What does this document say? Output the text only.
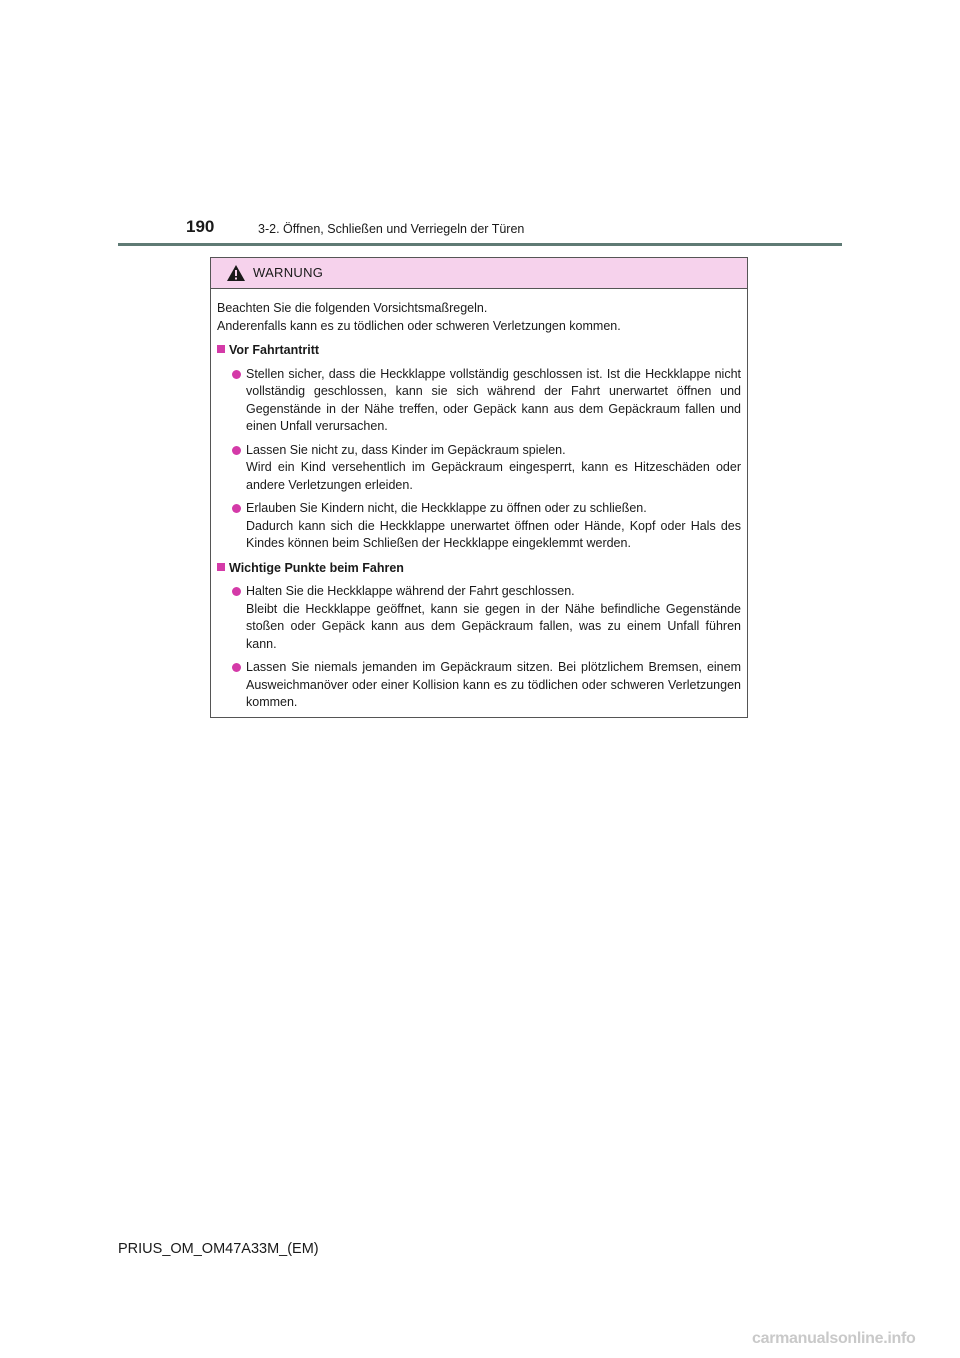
190	3-2. Öffnen, Schließen und Verriegeln der Türen
WARNUNG

Beachten Sie die folgenden Vorsichtsmaßregeln.

Anderenfalls kann es zu tödlichen oder schweren Verletzungen kommen.

Vor Fahrtantritt

Stellen sicher, dass die Heckklappe vollständig geschlossen ist. Ist die Heckklappe nicht vollständig geschlossen, kann sie sich während der Fahrt unerwartet öffnen und Gegenstände in der Nähe treffen, oder Gepäck kann aus dem Gepäckraum fallen und einen Unfall verursachen.

Lassen Sie nicht zu, dass Kinder im Gepäckraum spielen.

Wird ein Kind versehentlich im Gepäckraum eingesperrt, kann es Hitzeschäden oder andere Verletzungen erleiden.

Erlauben Sie Kindern nicht, die Heckklappe zu öffnen oder zu schließen.

Dadurch kann sich die Heckklappe unerwartet öffnen oder Hände, Kopf oder Hals des Kindes können beim Schließen der Heckklappe eingeklemmt werden.

Wichtige Punkte beim Fahren

Halten Sie die Heckklappe während der Fahrt geschlossen.

Bleibt die Heckklappe geöffnet, kann sie gegen in der Nähe befindliche Gegenstände stoßen oder Gepäck kann aus dem Gepäckraum fallen, was zu einem Unfall führen kann.

Lassen Sie niemals jemanden im Gepäckraum sitzen. Bei plötzlichem Bremsen, einem Ausweichmanöver oder einer Kollision kann es zu tödlichen oder schweren Verletzungen kommen.

PRIUS_OM_OM47A33M_(EM)
carmanualsonline.info
